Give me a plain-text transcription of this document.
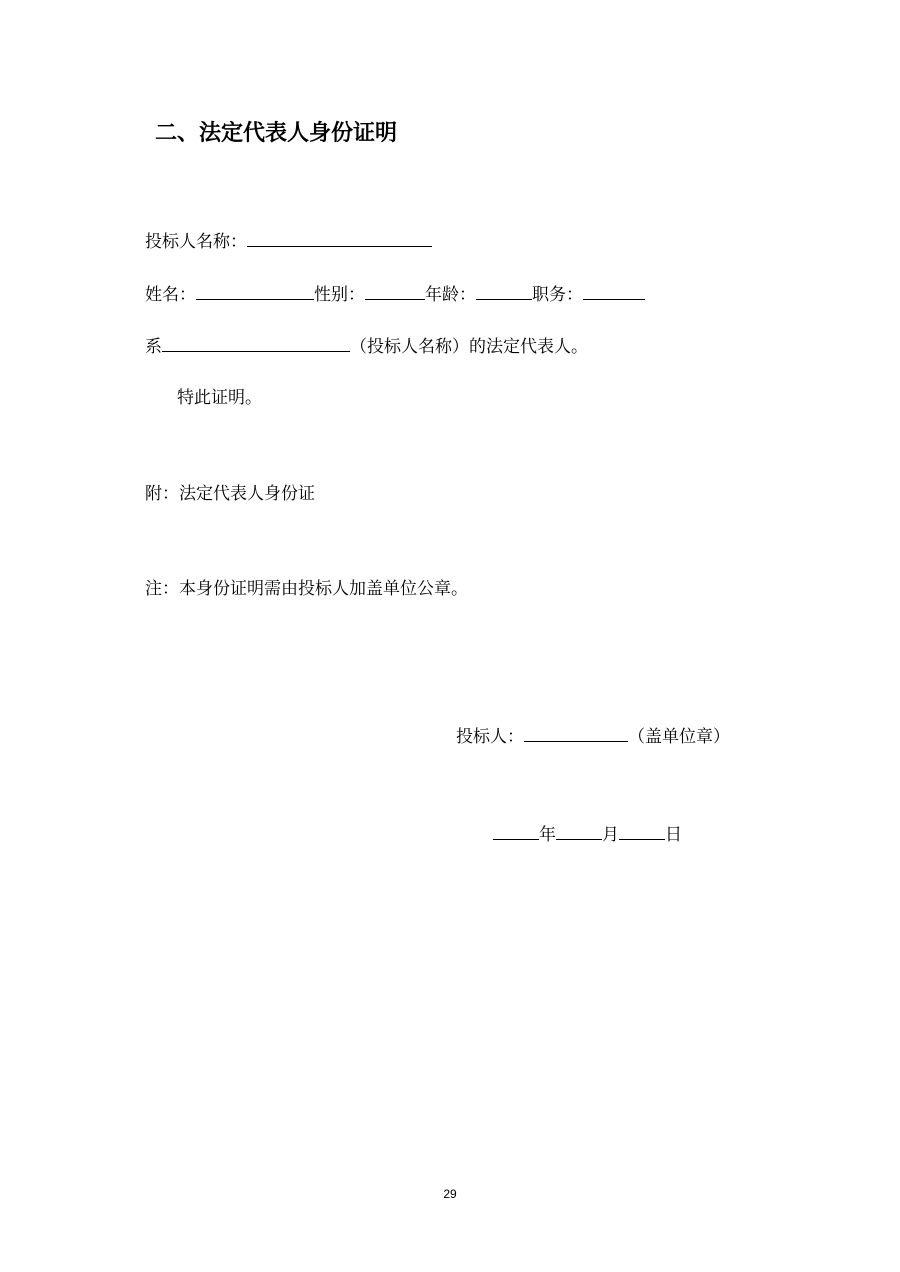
二、法定代表人身份证明
投标人名称：
姓名：	性别：	年龄：	职务：
系	（投标人名称）的法定代表人。
特此证明。
附：法定代表人身份证
注：本身份证明需由投标人加盖单位公章。
投标人：	（盖单位章）
年	月	日
29
